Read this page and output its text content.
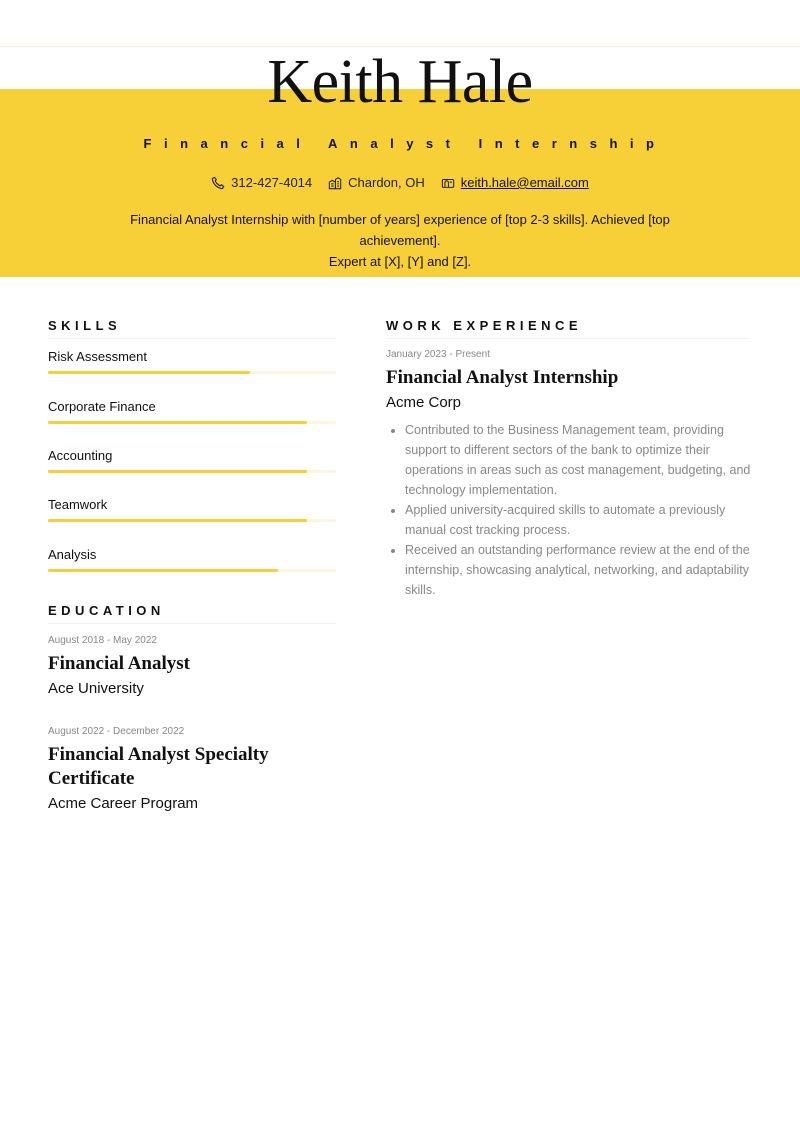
Keith Hale
Financial Analyst Internship
312-427-4014	Chardon, OH	keith.hale@email.com
Financial Analyst Internship with [number of years] experience of [top 2-3 skills]. Achieved [top achievement].
Expert at [X], [Y] and [Z].
SKILLS
Risk Assessment
Corporate Finance
Accounting
Teamwork
Analysis
EDUCATION
August 2018 - May 2022
Financial Analyst
Ace University
August 2022 - December 2022
Financial Analyst Specialty
Certificate
Acme Career Program
WORK EXPERIENCE
January 2023 - Present
Financial Analyst Internship
Acme Corp
• Contributed to the Business Management team, providing support to different sectors of the bank to optimize their operations in areas such as cost management, budgeting, and technology implementation.
• Applied university-acquired skills to automate a previously manual cost tracking process.
• Received an outstanding performance review at the end of the internship, showcasing analytical, networking, and adaptability skills.
